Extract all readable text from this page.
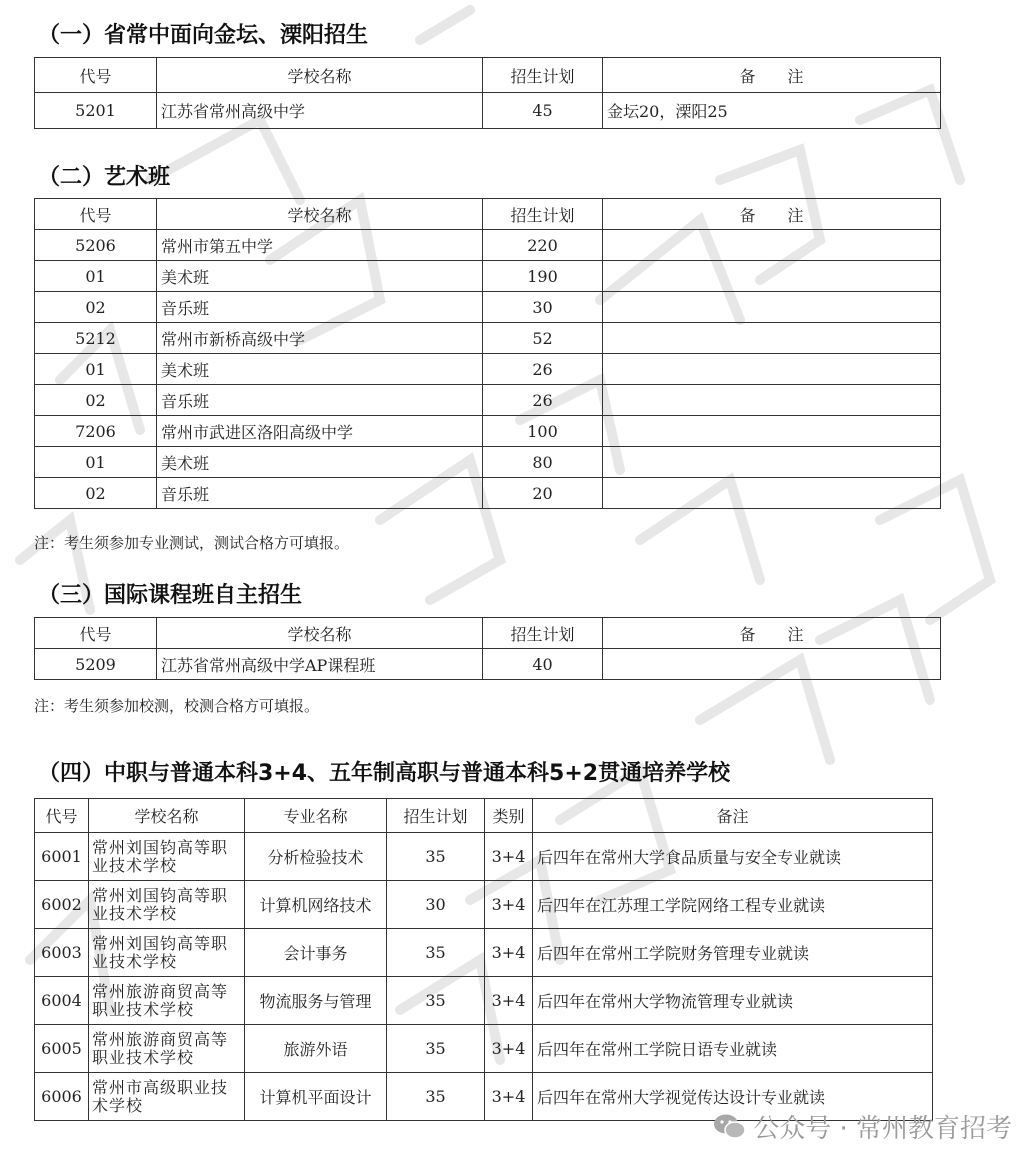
（一）省常中面向金坛、溧阳招生
代号	学校名称	招生计划	备　　注
5201	江苏省常州高级中学	45	金坛20，溧阳25
（二）艺术班
代号	学校名称	招生计划	备　　注
5206	常州市第五中学	220	
01	美术班	190	
02	音乐班	30	
5212	常州市新桥高级中学	52	
01	美术班	26	
02	音乐班	26	
7206	常州市武进区洛阳高级中学	100	
01	美术班	80	
02	音乐班	20	
注：考生须参加专业测试，测试合格方可填报。
（三）国际课程班自主招生
代号	学校名称	招生计划	备　　注
5209	江苏省常州高级中学AP课程班	40	
注：考生须参加校测，校测合格方可填报。
（四）中职与普通本科3+4、五年制高职与普通本科5+2贯通培养学校
代号	学校名称	专业名称	招生计划	类别	备注
6001	常州刘国钧高等职业技术学校	分析检验技术	35	3+4	后四年在常州大学食品质量与安全专业就读
6002	常州刘国钧高等职业技术学校	计算机网络技术	30	3+4	后四年在江苏理工学院网络工程专业就读
6003	常州刘国钧高等职业技术学校	会计事务	35	3+4	后四年在常州工学院财务管理专业就读
6004	常州旅游商贸高等职业技术学校	物流服务与管理	35	3+4	后四年在常州大学物流管理专业就读
6005	常州旅游商贸高等职业技术学校	旅游外语	35	3+4	后四年在常州工学院日语专业就读
6006	常州市高级职业技术学校	计算机平面设计	35	3+4	后四年在常州大学视觉传达设计专业就读
公众号 · 常州教育招考
